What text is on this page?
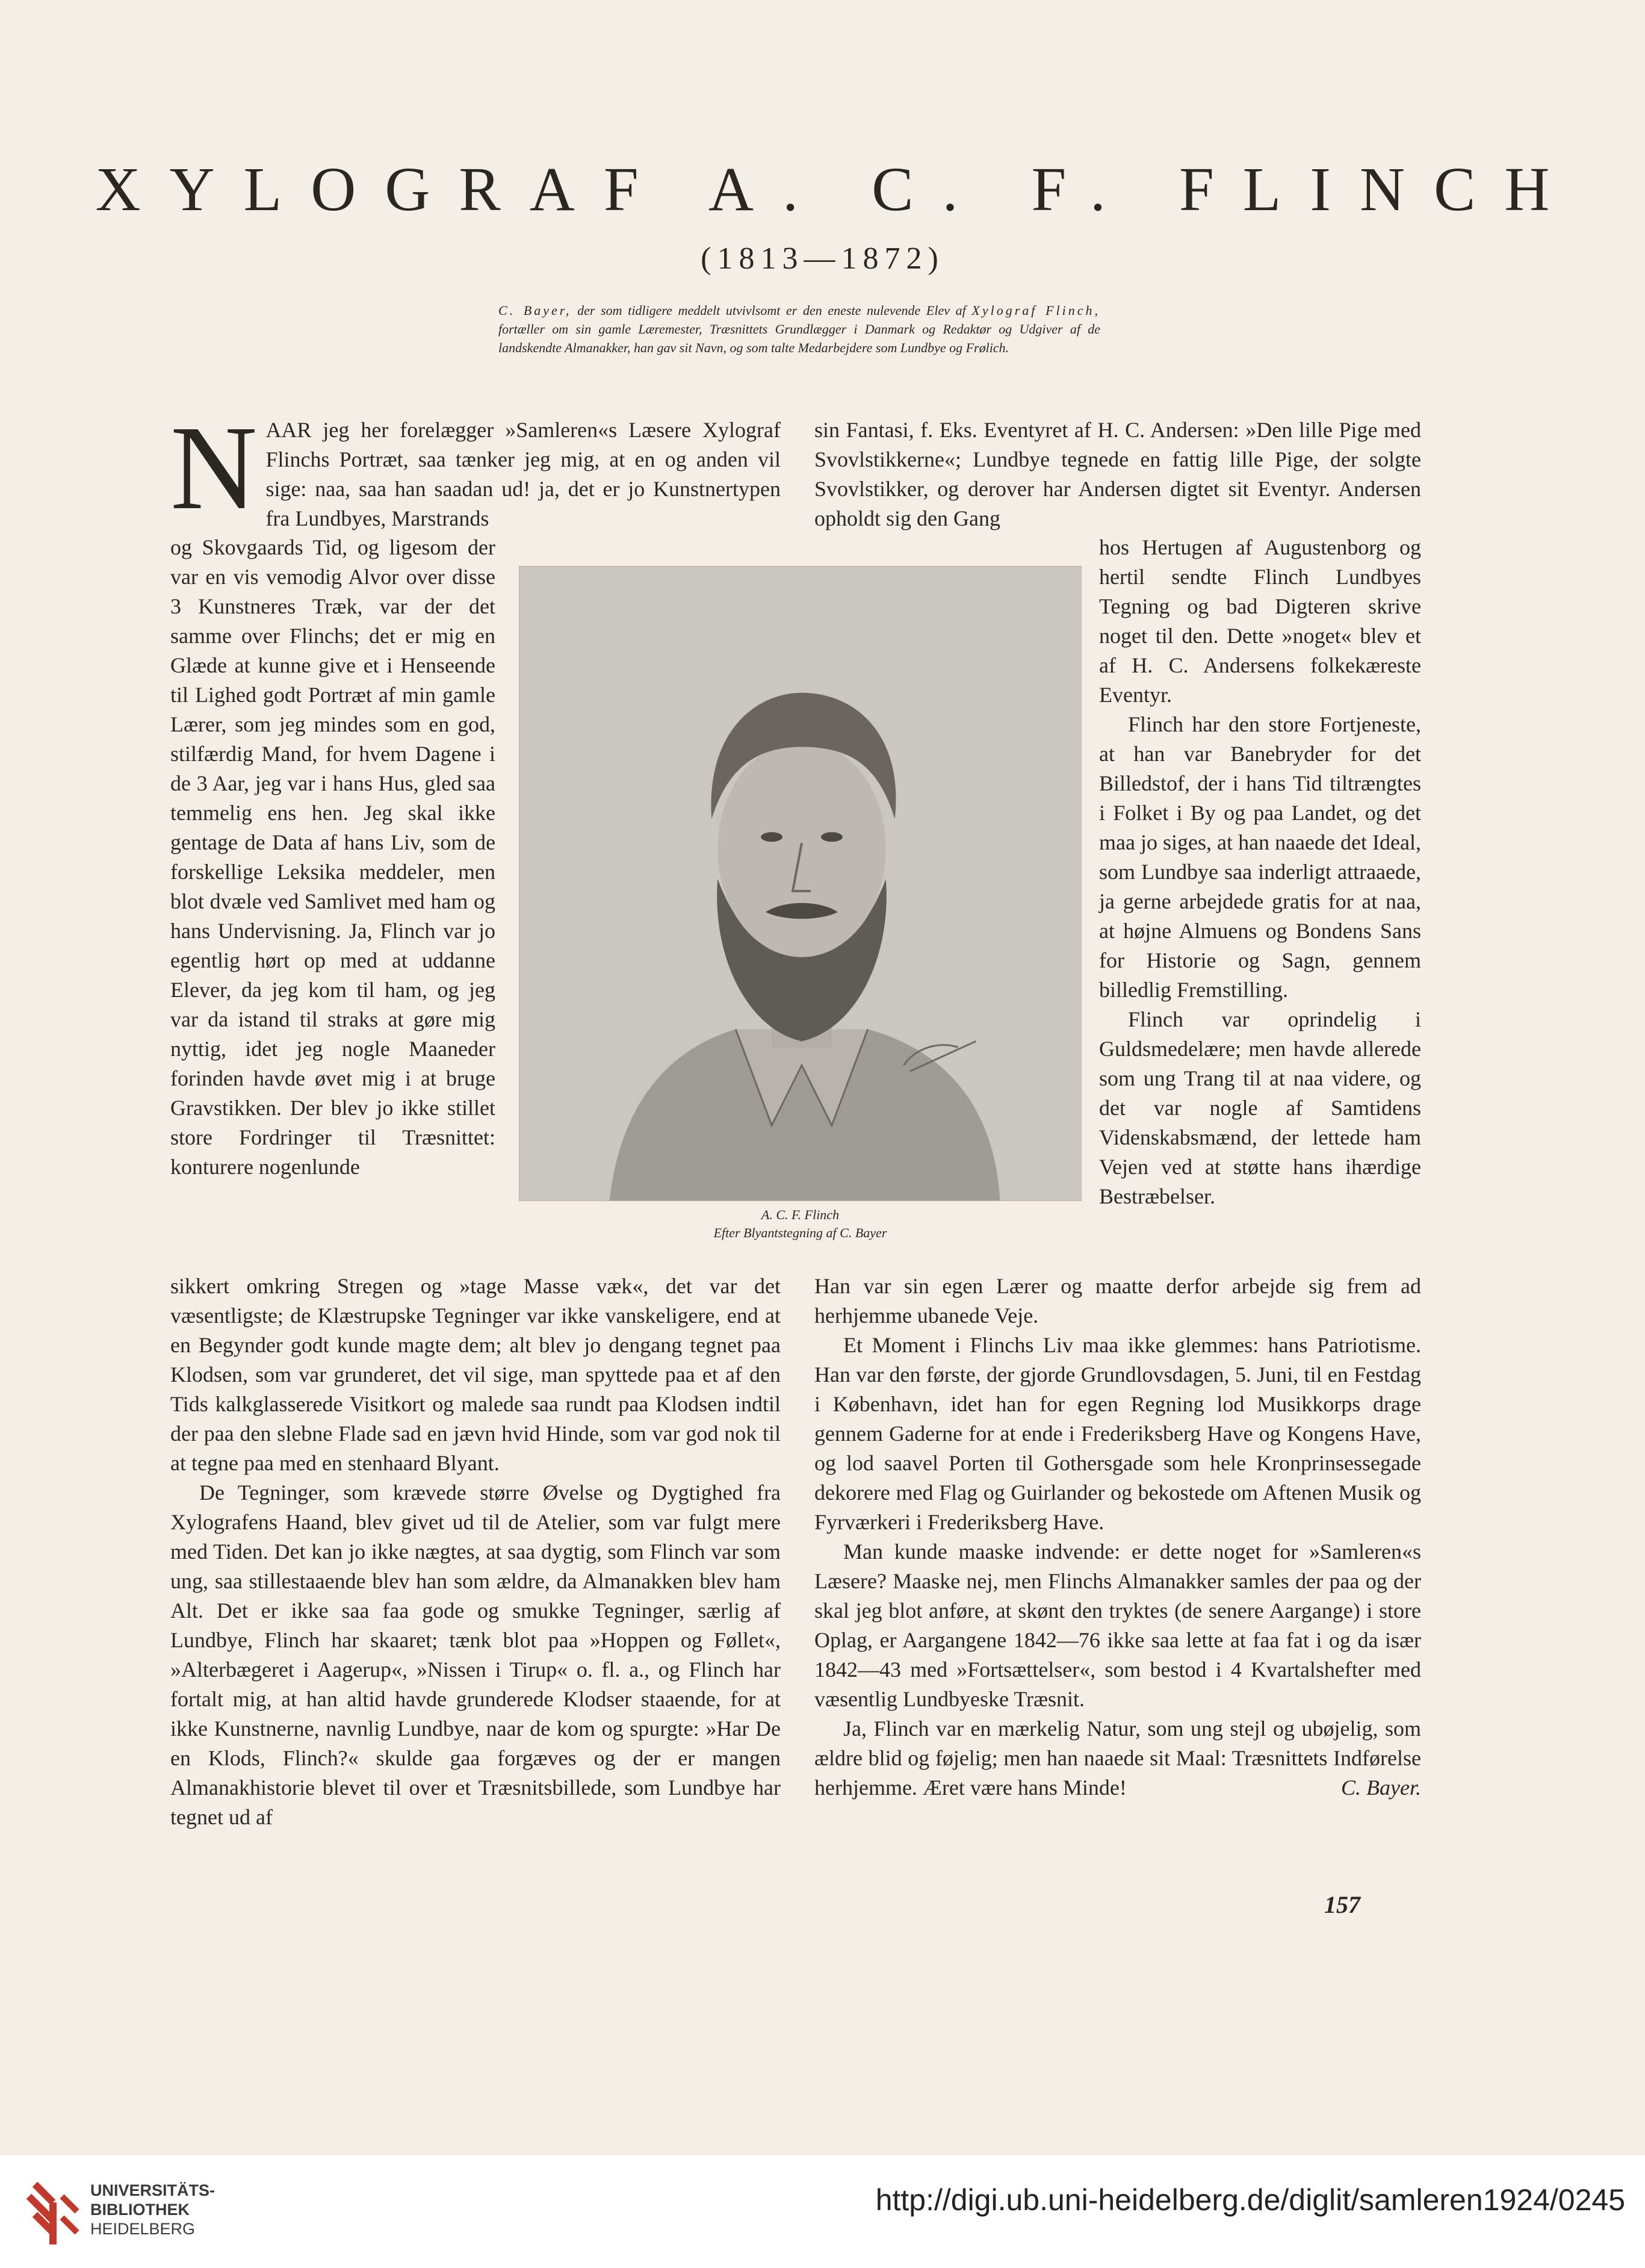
XYLOGRAF A. C. F. FLINCH
(1813—1872)
C. Bayer, der som tidligere meddelt utvivlsomt er den eneste nulevende Elev af Xylograf Flinch, fortæller om sin gamle Læremester, Træsnittets Grundlægger i Danmark og Redaktør og Udgiver af de landskendte Almanakker, han gav sit Navn, og som talte Medarbejdere som Lundbye og Frølich.

NAAR jeg her forelægger »Samleren«s Læsere Xylograf Flinchs Portræt, saa tænker jeg mig, at en og anden vil sige: naa, saa han saadan ud! ja, det er jo Kunstnertypen fra Lundbyes, Marstrands

og Skovgaards Tid, og ligesom der var en vis vemodig Alvor over disse 3 Kunstneres Træk, var der det samme over Flinchs; det er mig en Glæde at kunne give et i Henseende til Lighed godt Portræt af min gamle Lærer, som jeg mindes som en god, stilfærdig Mand, for hvem Dagene i de 3 Aar, jeg var i hans Hus, gled saa temmelig ens hen. Jeg skal ikke gentage de Data af hans Liv, som de forskellige Leksika meddeler, men blot dvæle ved Samlivet med ham og hans Undervisning. Ja, Flinch var jo egentlig hørt op med at uddanne Elever, da jeg kom til ham, og jeg var da istand til straks at gøre mig nyttig, idet jeg nogle Maaneder forinden havde øvet mig i at bruge Gravstikken. Der blev jo ikke stillet store Fordringer til Træsnittet: konturere nogenlunde

sikkert omkring Stregen og »tage Masse væk«, det var det væsentligste; de Klæstrupske Tegninger var ikke vanskeligere, end at en Begynder godt kunde magte dem; alt blev jo dengang tegnet paa Klodsen, som var grunderet, det vil sige, man spyttede paa et af den Tids kalkglasserede Visitkort og malede saa rundt paa Klodsen indtil der paa den slebne Flade sad en jævn hvid Hinde, som var god nok til at tegne paa med en stenhaard Blyant.

De Tegninger, som krævede større Øvelse og Dygtighed fra Xylografens Haand, blev givet ud til de Atelier, som var fulgt mere med Tiden. Det kan jo ikke nægtes, at saa dygtig, som Flinch var som ung, saa stillestaaende blev han som ældre, da Almanakken blev ham Alt. Det er ikke saa faa gode og smukke Tegninger, særlig af Lundbye, Flinch har skaaret; tænk blot paa »Hoppen og Føllet«, »Alterbægeret i Aagerup«, »Nissen i Tirup« o. fl. a., og Flinch har fortalt mig, at han altid havde grunderede Klodser staaende, for at ikke Kunstnerne, navnlig Lundbye, naar de kom og spurgte: »Har De en Klods, Flinch?« skulde gaa forgæves og der er mangen Almanakhistorie blevet til over et Træsnitsbillede, som Lundbye har tegnet ud af

sin Fantasi, f. Eks. Eventyret af H. C. Andersen: »Den lille Pige med Svovlstikkerne«; Lundbye tegnede en fattig lille Pige, der solgte Svovlstikker, og derover har Andersen digtet sit Eventyr. Andersen opholdt sig den Gang

hos Hertugen af Augustenborg og hertil sendte Flinch Lundbyes Tegning og bad Digteren skrive noget til den. Dette »noget« blev et af H. C. Andersens folkekæreste Eventyr.

Flinch har den store Fortjeneste, at han var Banebryder for det Billedstof, der i hans Tid tiltrængtes i Folket i By og paa Landet, og det maa jo siges, at han naaede det Ideal, som Lundbye saa inderligt attraaede, ja gerne arbejdede gratis for at naa, at højne Almuens og Bondens Sans for Historie og Sagn, gennem billedlig Fremstilling.

Flinch var oprindelig i Guldsmedelære; men havde allerede som ung Trang til at naa videre, og det var nogle af Samtidens Videnskabsmænd, der lettede ham Vejen ved at støtte hans ihærdige Bestræbelser.

Han var sin egen Lærer og maatte derfor arbejde sig frem ad herhjemme ubanede Veje.

Et Moment i Flinchs Liv maa ikke glemmes: hans Patriotisme. Han var den første, der gjorde Grundlovsdagen, 5. Juni, til en Festdag i København, idet han for egen Regning lod Musikkorps drage gennem Gaderne for at ende i Frederiksberg Have og Kongens Have, og lod saavel Porten til Gothersgade som hele Kronprinsessegade dekorere med Flag og Guirlander og bekostede om Aftenen Musik og Fyrværkeri i Frederiksberg Have.

Man kunde maaske indvende: er dette noget for »Samleren«s Læsere? Maaske nej, men Flinchs Almanakker samles der paa og der skal jeg blot anføre, at skønt den tryktes (de senere Aargange) i store Oplag, er Aargangene 1842—76 ikke saa lette at faa fat i og da især 1842—43 med »Fortsættelser«, som bestod i 4 Kvartalshefter med væsentlig Lundbyeske Træsnit.

Ja, Flinch var en mærkelig Natur, som ung stejl og ubøjelig, som ældre blid og føjelig; men han naaede sit Maal: Træsnittets Indførelse herhjemme. Æret være hans Minde!	C. Bayer.

A. C. F. Flinch
Efter Blyantstegning af C. Bayer
157
UNIVERSITÄTS-
BIBLIOTHEK
HEIDELBERG
http://digi.ub.uni-heidelberg.de/diglit/samleren1924/0245
